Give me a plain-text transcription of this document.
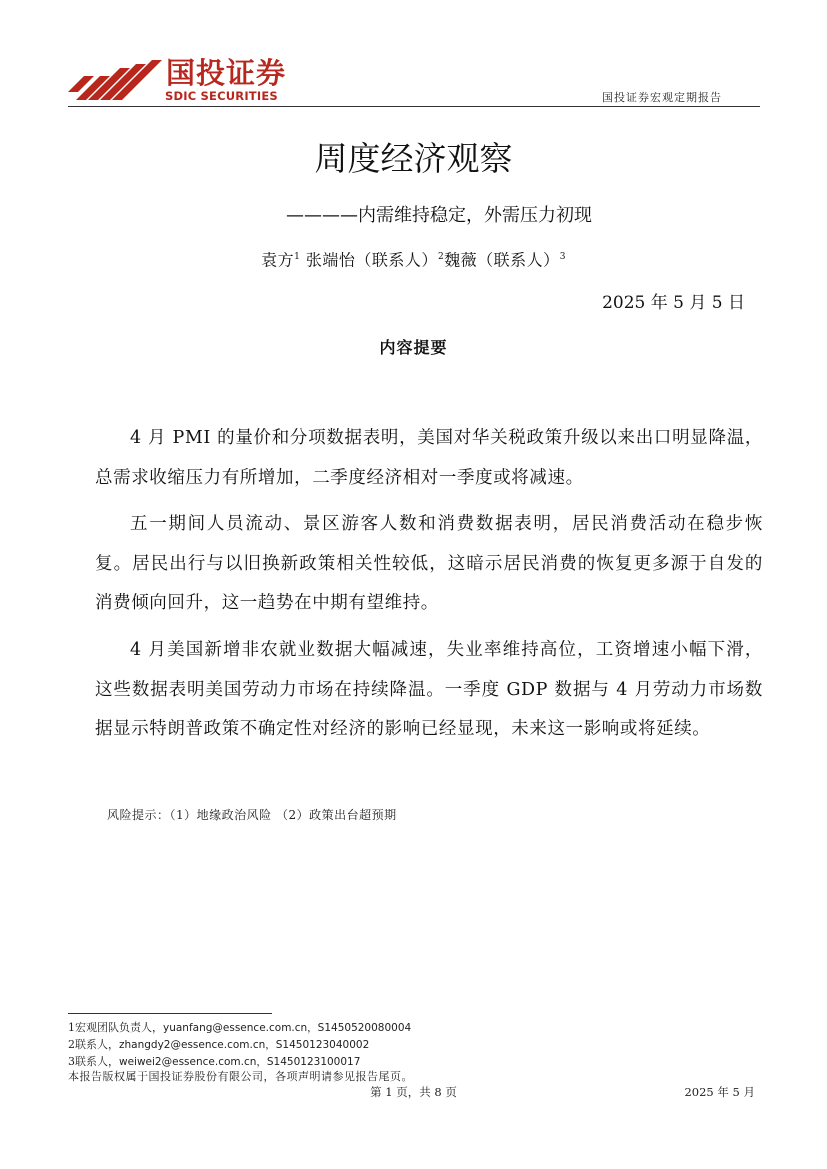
国投证券
SDIC SECURITIES	国投证券宏观定期报告
周度经济观察
————内需维持稳定，外需压力初现
袁方$^1$ 张端怡（联系人）$^2$魏薇（联系人）$^3$
2025 年 5 月 5 日
内容提要
4 月 PMI 的量价和分项数据表明，美国对华关税政策升级以来出口明显降温，总需求收缩压力有所增加，二季度经济相对一季度或将减速。
五一期间人员流动、景区游客人数和消费数据表明，居民消费活动在稳步恢复。居民出行与以旧换新政策相关性较低，这暗示居民消费的恢复更多源于自发的消费倾向回升，这一趋势在中期有望维持。
4 月美国新增非农就业数据大幅减速，失业率维持高位，工资增速小幅下滑，这些数据表明美国劳动力市场在持续降温。一季度 GDP 数据与 4 月劳动力市场数据显示特朗普政策不确定性对经济的影响已经显现，未来这一影响或将延续。
风险提示：（1）地缘政治风险 （2）政策出台超预期
1宏观团队负责人，yuanfang@essence.com.cn，S1450520080004
2联系人，zhangdy2@essence.com.cn，S1450123040002
3联系人，weiwei2@essence.com.cn，S1450123100017
本报告版权属于国投证券股份有限公司，各项声明请参见报告尾页。
第 1 页，共 8 页	2025 年 5 月
